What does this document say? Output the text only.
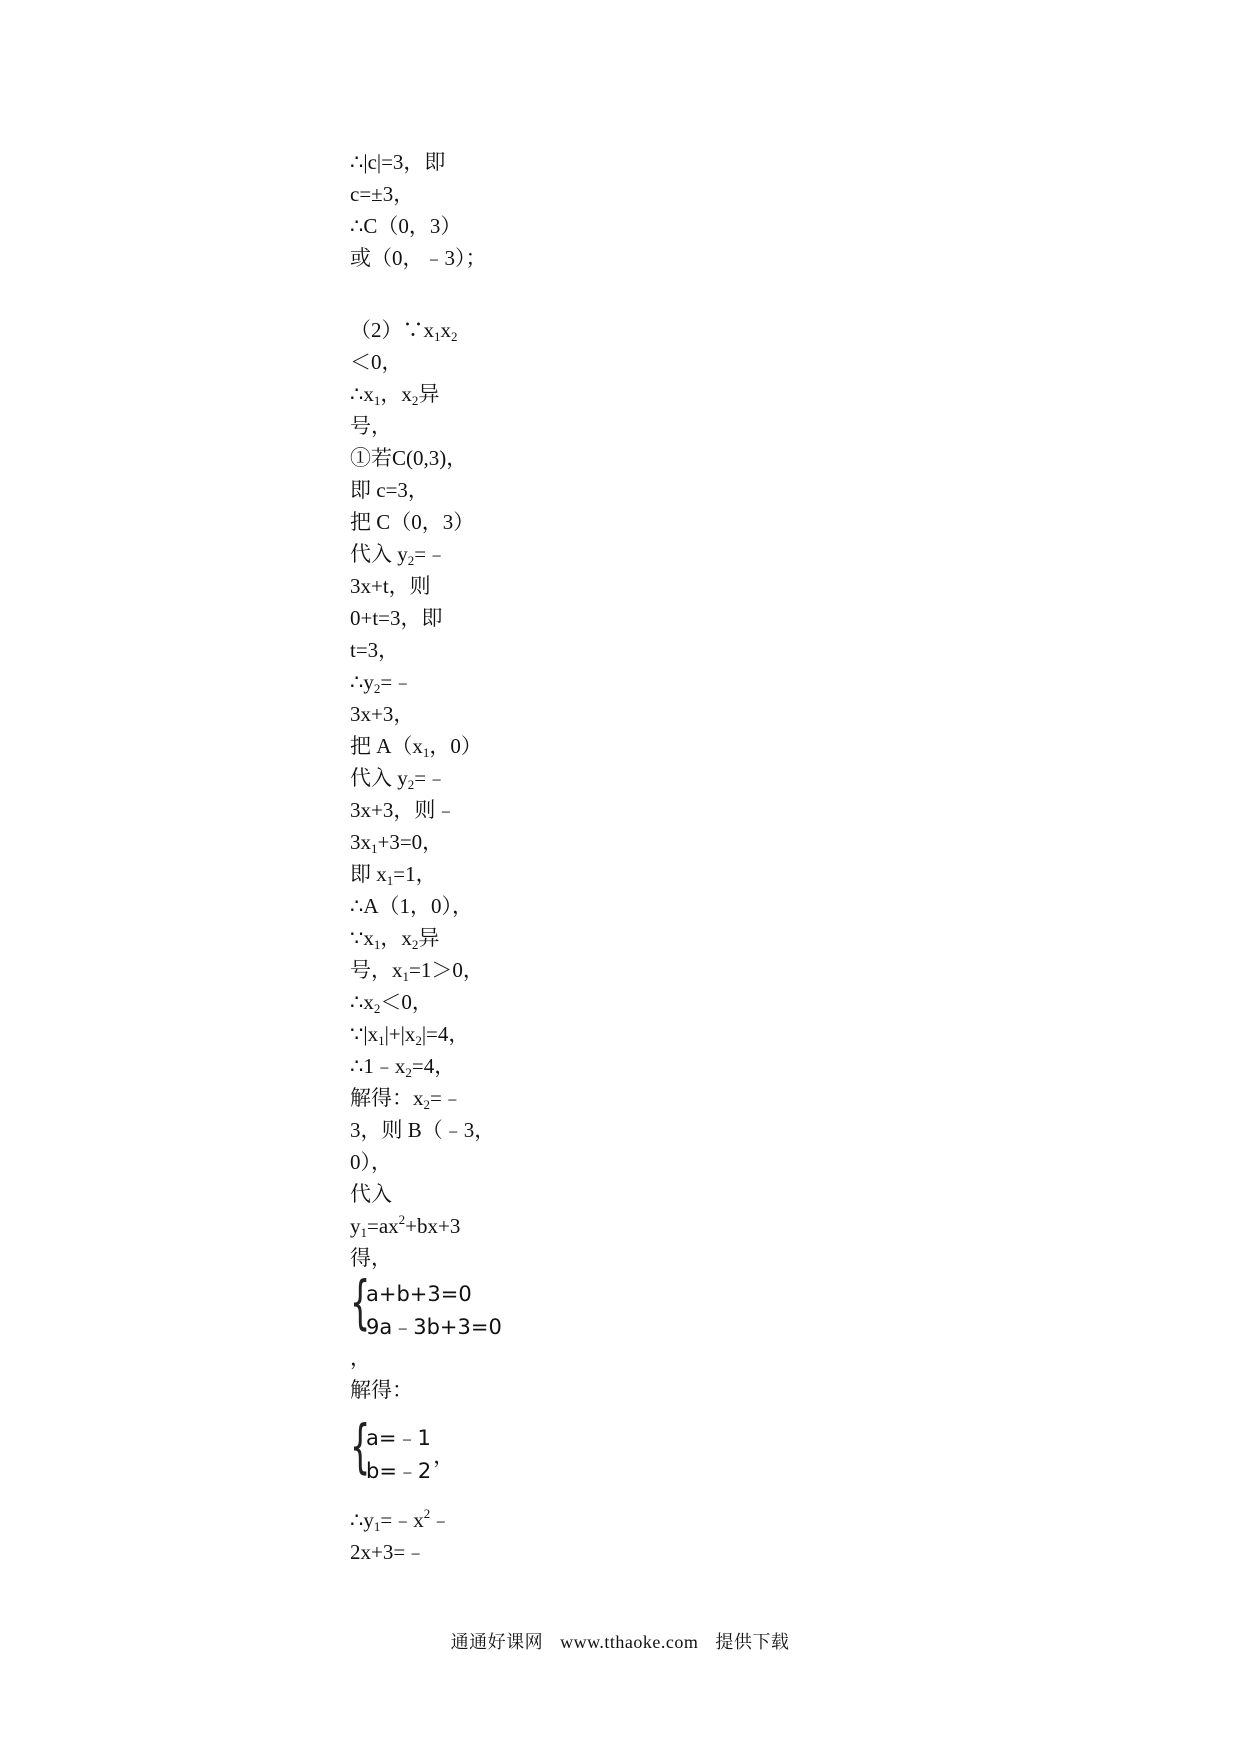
∴|c|=3，即
c=±3，
∴C（0，3）
或（0，﹣3）；
$(2)\because x_1x_2$
＜0，
$\therefore x_1$，$x_2$异
号，
①若C(0,3)，
即 c=3，
把 C（0，3）
代入 $y_2=﹣$
3x+t，则
0+t=3，即
t=3，
$\therefore y_2=﹣$
3x+3，
把 $A(x_1$，0）
代入 $y_2=﹣$
3x+3，则﹣
$3x_1+3=0$，
即 $x_1=1$，
∴A（1，0），
$\because x_1$，$x_2$异
号，$x_1=1>0$，
$\therefore x_2<0$，
$\because|x_1|+|x_2|=4$，
$\therefore 1﹣x_2=4$，
解得：$x_2=﹣$
3，则 B（﹣3，
0），
代入
$y_1=ax^2+bx+3$
得，
{
a+b+3=0
9a﹣3b+3=0
，
解得：
{
a=﹣1
b=﹣2
，
$\therefore y_1=﹣x^2﹣$
2x+3=﹣
通通好课网 www.tthaoke.com 提供下载
